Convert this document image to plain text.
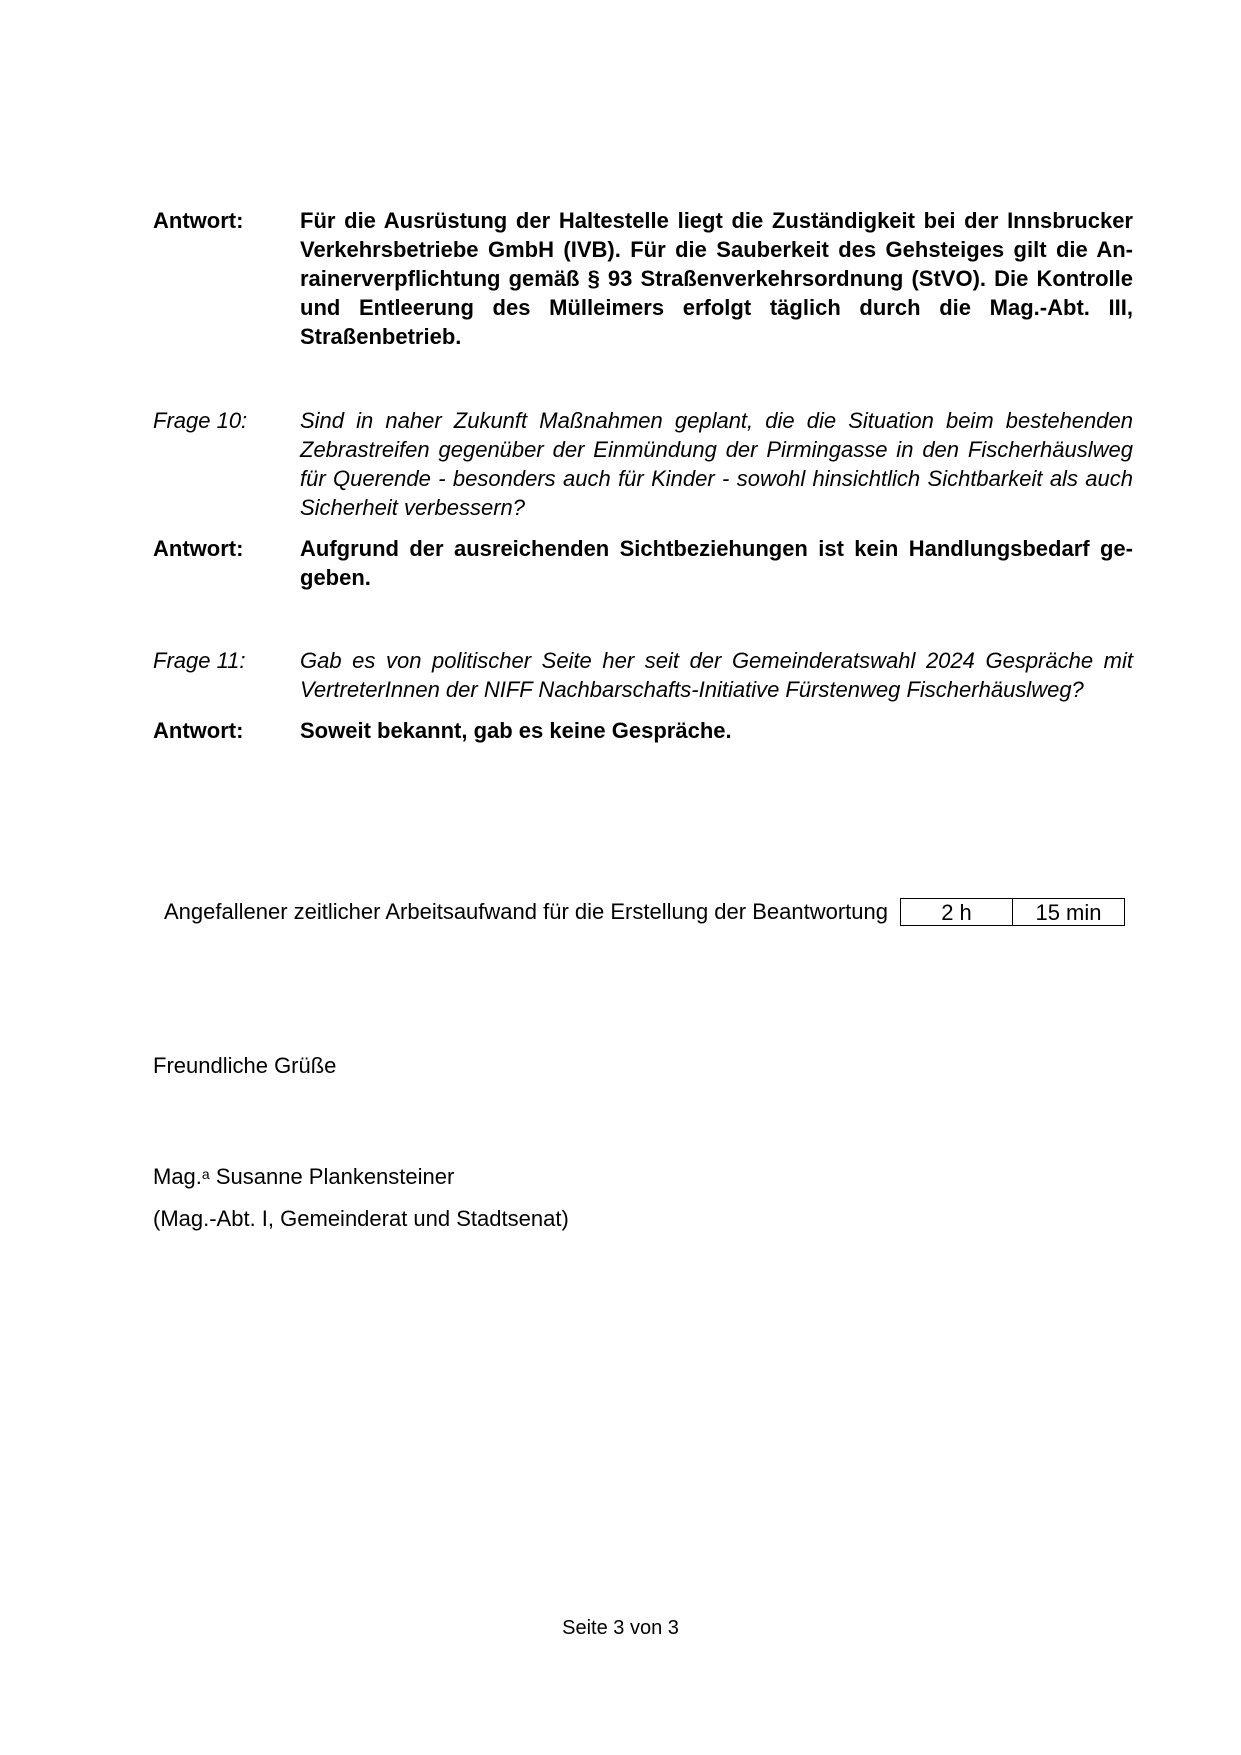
Antwort:	Für die Ausrüstung der Haltestelle liegt die Zuständigkeit bei der Innsbrucker Verkehrsbetriebe GmbH (IVB). Für die Sauberkeit des Gehsteiges gilt die Anrainerverpflichtung gemäß § 93 Straßenverkehrsordnung (StVO). Die Kontrolle und Entleerung des Mülleimers erfolgt täglich durch die Mag.-Abt. III, Straßenbetrieb.
Frage 10:	Sind in naher Zukunft Maßnahmen geplant, die die Situation beim bestehenden Zebrastreifen gegenüber der Einmündung der Pirmingasse in den Fischerhäuslweg für Querende - besonders auch für Kinder - sowohl hinsichtlich Sichtbarkeit als auch Sicherheit verbessern?
Antwort:	Aufgrund der ausreichenden Sichtbeziehungen ist kein Handlungsbedarf gegeben.
Frage 11:	Gab es von politischer Seite her seit der Gemeinderatswahl 2024 Gespräche mit VertreterInnen der NIFF Nachbarschafts-Initiative Fürstenweg Fischerhäuslweg?
Antwort:	Soweit bekannt, gab es keine Gespräche.
Angefallener zeitlicher Arbeitsaufwand für die Erstellung der Beantwortung	2 h	15 min
Freundliche Grüße
Mag.$^a$ Susanne Plankensteiner
(Mag.-Abt. I, Gemeinderat und Stadtsenat)
Seite 3 von 3
